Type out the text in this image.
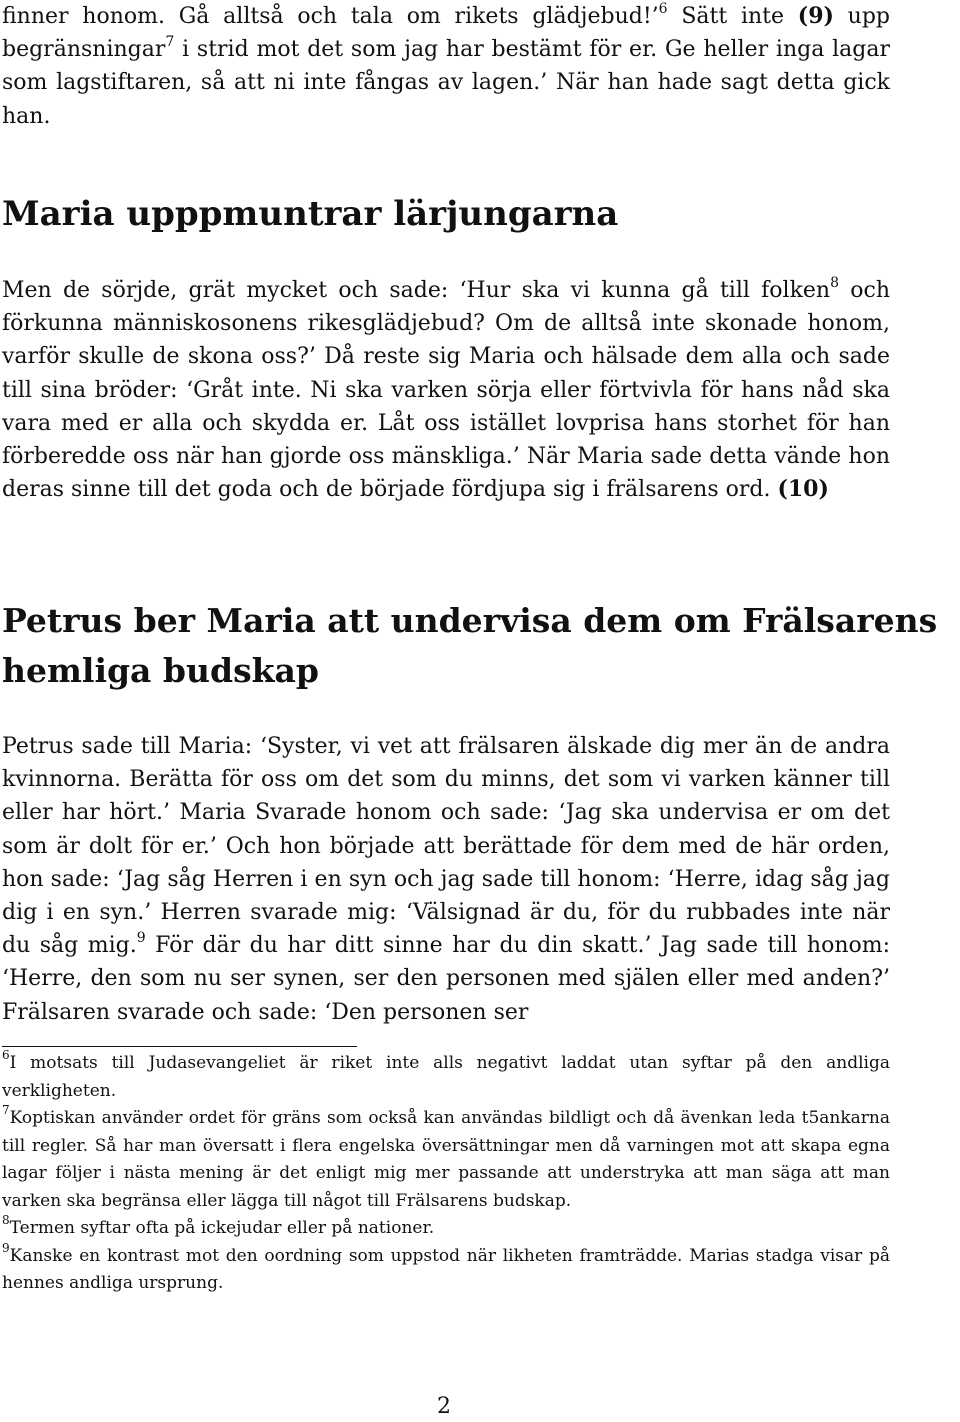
finner honom. Gå alltså och tala om rikets glädjebud!’$^6$ Sätt inte (9) upp begränsningar$^7$ i strid mot det som jag har bestämt för er. Ge heller inga lagar som lagstiftaren, så att ni inte fångas av lagen.’ När han hade sagt detta gick han.

Maria upppmuntrar lärjungarna

Men de sörjde, grät mycket och sade: ‘Hur ska vi kunna gå till folken$^8$ och förkunna människosonens rikesglädjebud? Om de alltså inte skonade honom, varför skulle de skona oss?’ Då reste sig Maria och hälsade dem alla och sade till sina bröder: ‘Gråt inte. Ni ska varken sörja eller förtvivla för hans nåd ska vara med er alla och skydda er. Låt oss istället lovprisa hans storhet för han förberedde oss när han gjorde oss mänskliga.’ När Maria sade detta vände hon deras sinne till det goda och de började fördjupa sig i frälsarens ord. (10)

Petrus ber Maria att undervisa dem om Frälsarens
hemliga budskap

Petrus sade till Maria: ‘Syster, vi vet att frälsaren älskade dig mer än de andra kvinnorna. Berätta för oss om det som du minns, det som vi varken känner till eller har hört.’ Maria Svarade honom och sade: ‘Jag ska undervisa er om det som är dolt för er.’ Och hon började att berättade för dem med de här orden, hon sade: ‘Jag såg Herren i en syn och jag sade till honom: ‘Herre, idag såg jag dig i en syn.’ Herren svarade mig: ‘Välsignad är du, för du rubbades inte när du såg mig.$^9$ För där du har ditt sinne har du din skatt.’ Jag sade till honom: ‘Herre, den som nu ser synen, ser den personen med själen eller med anden?’ Frälsaren svarade och sade: ‘Den personen ser

$^6$I motsats till Judasevangeliet är riket inte alls negativt laddat utan syftar på den andliga verkligheten.

$^7$Koptiskan använder ordet för gräns som också kan användas bildligt och då ävenkan leda t5ankarna till regler. Så har man översatt i flera engelska översättningar men då varningen mot att skapa egna lagar följer i nästa mening är det enligt mig mer passande att understryka att man säga att man varken ska begränsa eller lägga till något till Frälsarens budskap.

$^8$Termen syftar ofta på ickejudar eller på nationer.

$^9$Kanske en kontrast mot den oordning som uppstod när likheten framträdde. Marias stadga visar på hennes andliga ursprung.

2
